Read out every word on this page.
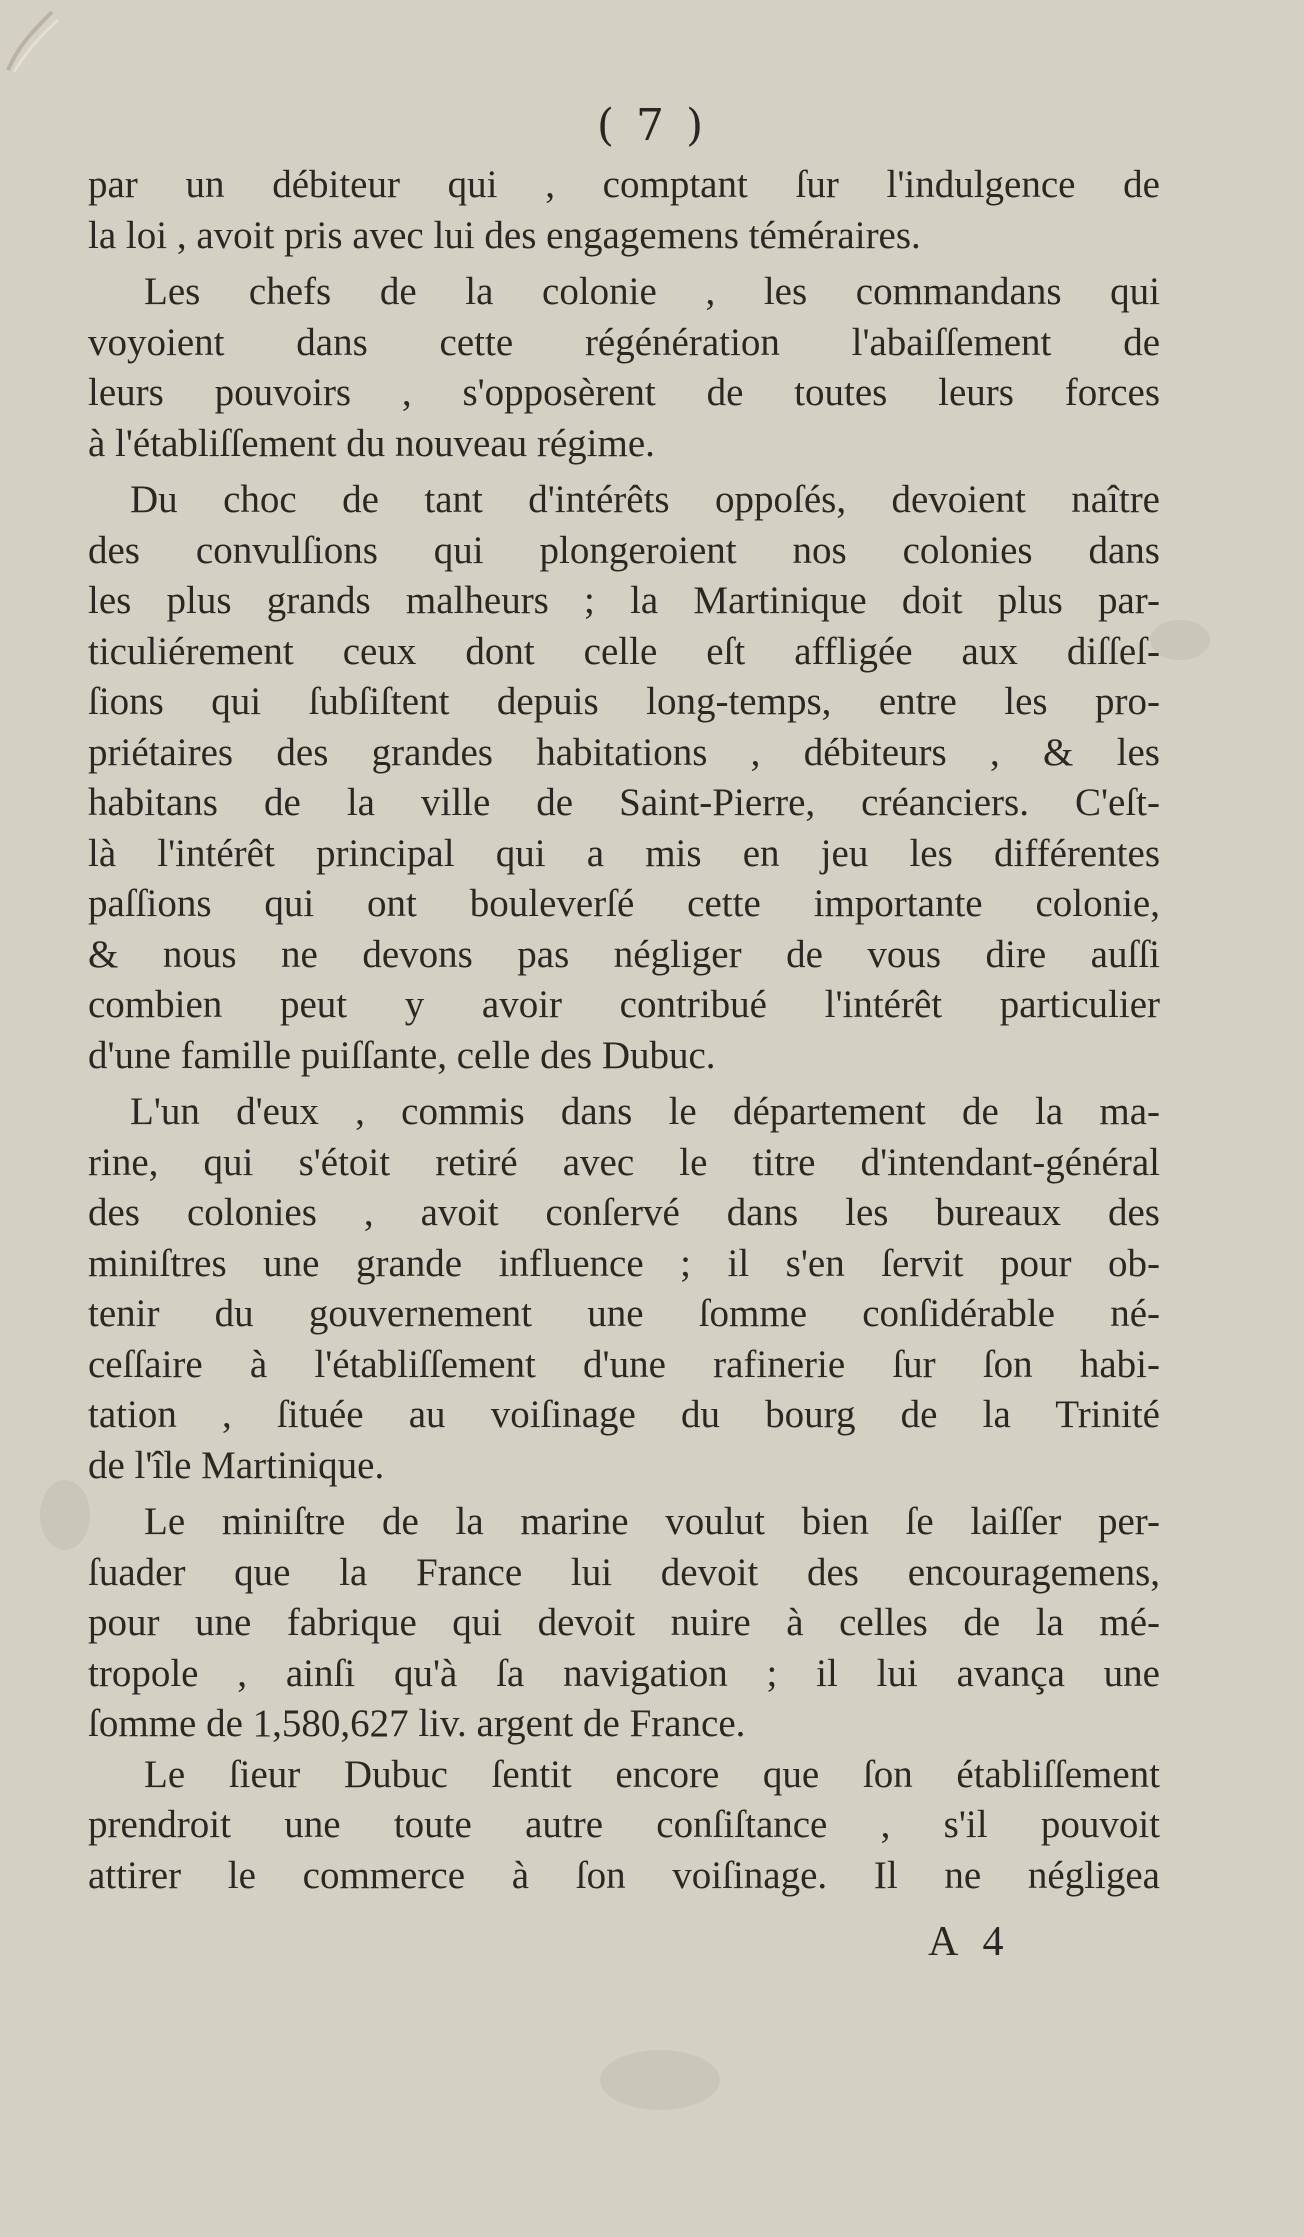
( 7 )
par un débiteur qui , comptant ſur l'indulgence de
la loi , avoit pris avec lui des engagemens téméraires.
Les chefs de la colonie , les commandans qui
voyoient dans cette régénération l'abaiſſement de
leurs pouvoirs , s'opposèrent de toutes leurs forces
à l'établiſſement du nouveau régime.
Du choc de tant d'intérêts oppoſés, devoient naître
des convulſions qui plongeroient nos colonies dans
les plus grands malheurs ; la Martinique doit plus par-
ticuliérement ceux dont celle eſt affligée aux diſſeſ-
ſions qui ſubſiſtent depuis long-temps, entre les pro-
priétaires des grandes habitations , débiteurs , & les
habitans de la ville de Saint-Pierre, créanciers. C'eſt-
là l'intérêt principal qui a mis en jeu les différentes
paſſions qui ont bouleverſé cette importante colonie,
& nous ne devons pas négliger de vous dire auſſi
combien peut y avoir contribué l'intérêt particulier
d'une famille puiſſante, celle des Dubuc.
L'un d'eux , commis dans le département de la ma-
rine, qui s'étoit retiré avec le titre d'intendant-général
des colonies , avoit conſervé dans les bureaux des
miniſtres une grande influence ; il s'en ſervit pour ob-
tenir du gouvernement une ſomme conſidérable né-
ceſſaire à l'établiſſement d'une rafinerie ſur ſon habi-
tation , ſituée au voiſinage du bourg de la Trinité
de l'île Martinique.
Le miniſtre de la marine voulut bien ſe laiſſer per-
ſuader que la France lui devoit des encouragemens,
pour une fabrique qui devoit nuire à celles de la mé-
tropole , ainſi qu'à ſa navigation ; il lui avança une
ſomme de 1,580,627 liv. argent de France.
Le ſieur Dubuc ſentit encore que ſon établiſſement
prendroit une toute autre conſiſtance , s'il pouvoit
attirer le commerce à ſon voiſinage. Il ne négligea
A 4
